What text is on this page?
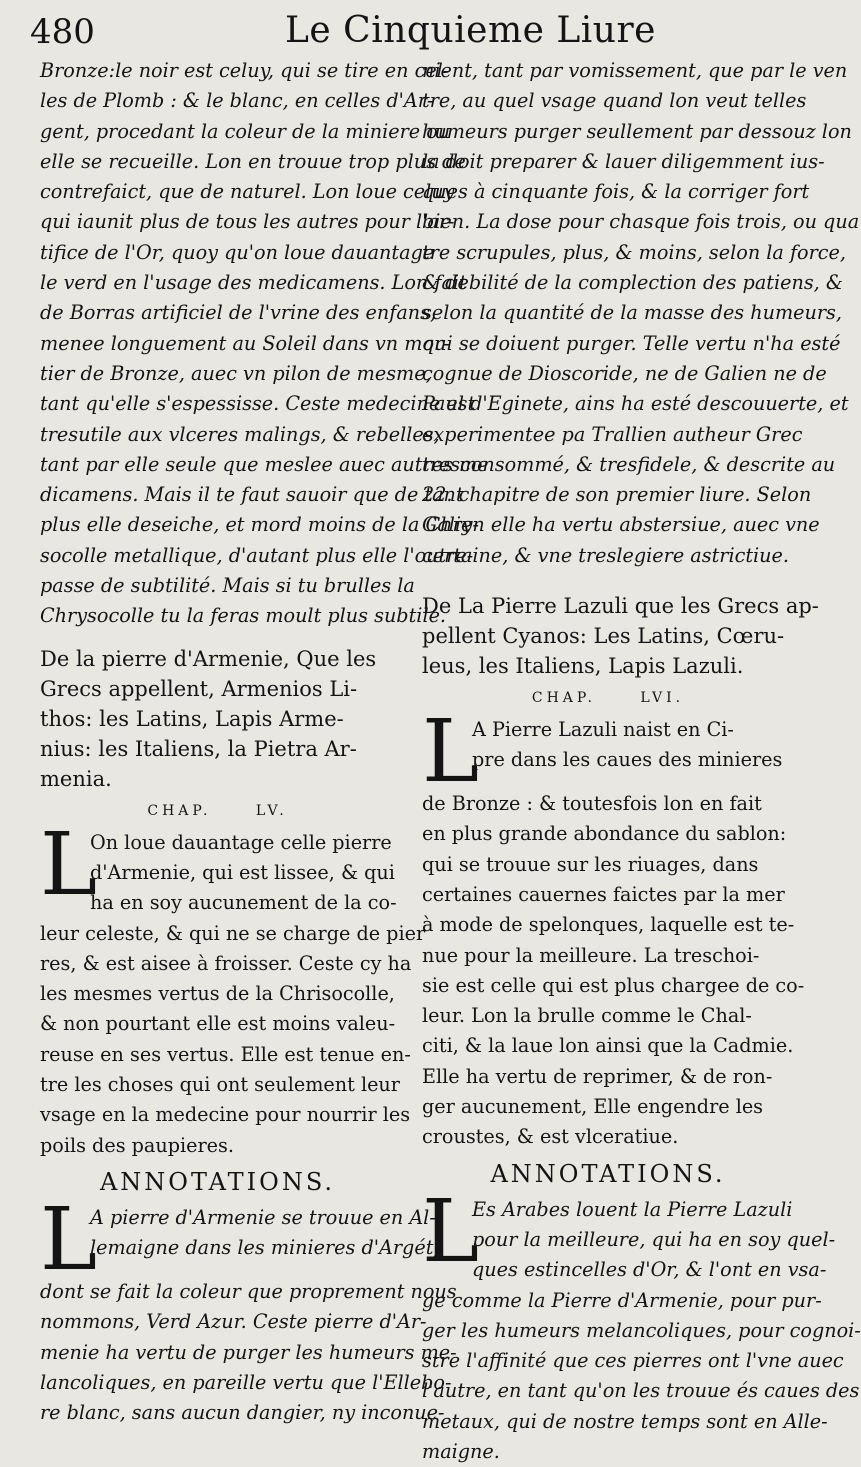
480	Le Cinquieme Liure
Bronze:le noir est celuy, qui se tire en cel-
les de Plomb : & le blanc, en celles d'Ar-
gent, procedant la coleur de la miniere ou
elle se recueille. Lon en trouue trop plus de
contrefaict, que de naturel. Lon loue celuy
qui iaunit plus de tous les autres pour l'ar-
tifice de l'Or, quoy qu'on loue dauantage
le verd en l'usage des medicamens. Lon fait
de Borras artificiel de l'vrine des enfans,
menee longuement au Soleil dans vn mor-
tier de Bronze, auec vn pilon de mesme,
tant qu'elle s'espessisse. Ceste medecine est
tresutile aux vlceres malings, & rebelles,
tant par elle seule que meslee auec autres me
dicamens. Mais il te faut sauoir que de tant
plus elle deseiche, et mord moins de la Chry-
socolle metallique, d'autant plus elle l'outre-
passe de subtilité. Mais si tu brulles la
Chrysocolle tu la feras moult plus subtile.
De la pierre d'Armenie, Que les
Grecs appellent, Armenios Li-
thos: les Latins, Lapis Arme-
nius: les Italiens, la Pietra Ar-
menia.
CHAP.	LV.
L
On loue dauantage celle pierre
d'Armenie, qui est lissee, & qui
ha en soy aucunement de la co-
leur celeste, & qui ne se charge de pier
res, & est aisee à froisser. Ceste cy ha
les mesmes vertus de la Chrisocolle,
& non pourtant elle est moins valeu-
reuse en ses vertus. Elle est tenue en-
tre les choses qui ont seulement leur
vsage en la medecine pour nourrir les
poils des paupieres.
ANNOTATIONS.
L
A pierre d'Armenie se trouue en Al-
lemaigne dans les minieres d'Argét,
dont se fait la coleur que proprement nous
nommons, Verd Azur. Ceste pierre d'Ar-
menie ha vertu de purger les humeurs me-
lancoliques, en pareille vertu que l'Ellebo-
re blanc, sans aucun dangier, ny inconue-
nient, tant par vomissement, que par le ven
tre, au quel vsage quand lon veut telles
humeurs purger seullement par dessouz lon
la doit preparer & lauer diligemment ius-
ques à cinquante fois, & la corriger fort
bien. La dose pour chasque fois trois, ou qua
tre scrupules, plus, & moins, selon la force,
& debilité de la complection des patiens, &
selon la quantité de la masse des humeurs,
qui se doiuent purger. Telle vertu n'ha esté
cognue de Dioscoride, ne de Galien ne de
Paul d'Eginete, ains ha esté descouuerte, et
experimentee pa Trallien autheur Grec
tresconsommé, & tresfidele, & descrite au
22. chapitre de son premier liure. Selon
Galien elle ha vertu abstersiue, auec vne
certaine, & vne treslegiere astrictiue.
De La Pierre Lazuli que les Grecs ap-
pellent Cyanos: Les Latins, Cœru-
leus, les Italiens, Lapis Lazuli.
CHAP.	LVI.
L
A Pierre Lazuli naist en Ci-
pre dans les caues des minieres
de Bronze : & toutesfois lon en fait
en plus grande abondance du sablon:
qui se trouue sur les riuages, dans
certaines cauernes faictes par la mer
à mode de spelonques, laquelle est te-
nue pour la meilleure. La treschoi-
sie est celle qui est plus chargee de co-
leur. Lon la brulle comme le Chal-
citi, & la laue lon ainsi que la Cadmie.
Elle ha vertu de reprimer, & de ron-
ger aucunement, Elle engendre les
croustes, & est vlceratiue.
ANNOTATIONS.
L
Es Arabes louent la Pierre Lazuli
pour la meilleure, qui ha en soy quel-
ques estincelles d'Or, & l'ont en vsa-
ge comme la Pierre d'Armenie, pour pur-
ger les humeurs melancoliques, pour cognoi-
stre l'affinité que ces pierres ont l'vne auec
l'autre, en tant qu'on les trouue és caues des
metaux, qui de nostre temps sont en Alle-
maigne.
